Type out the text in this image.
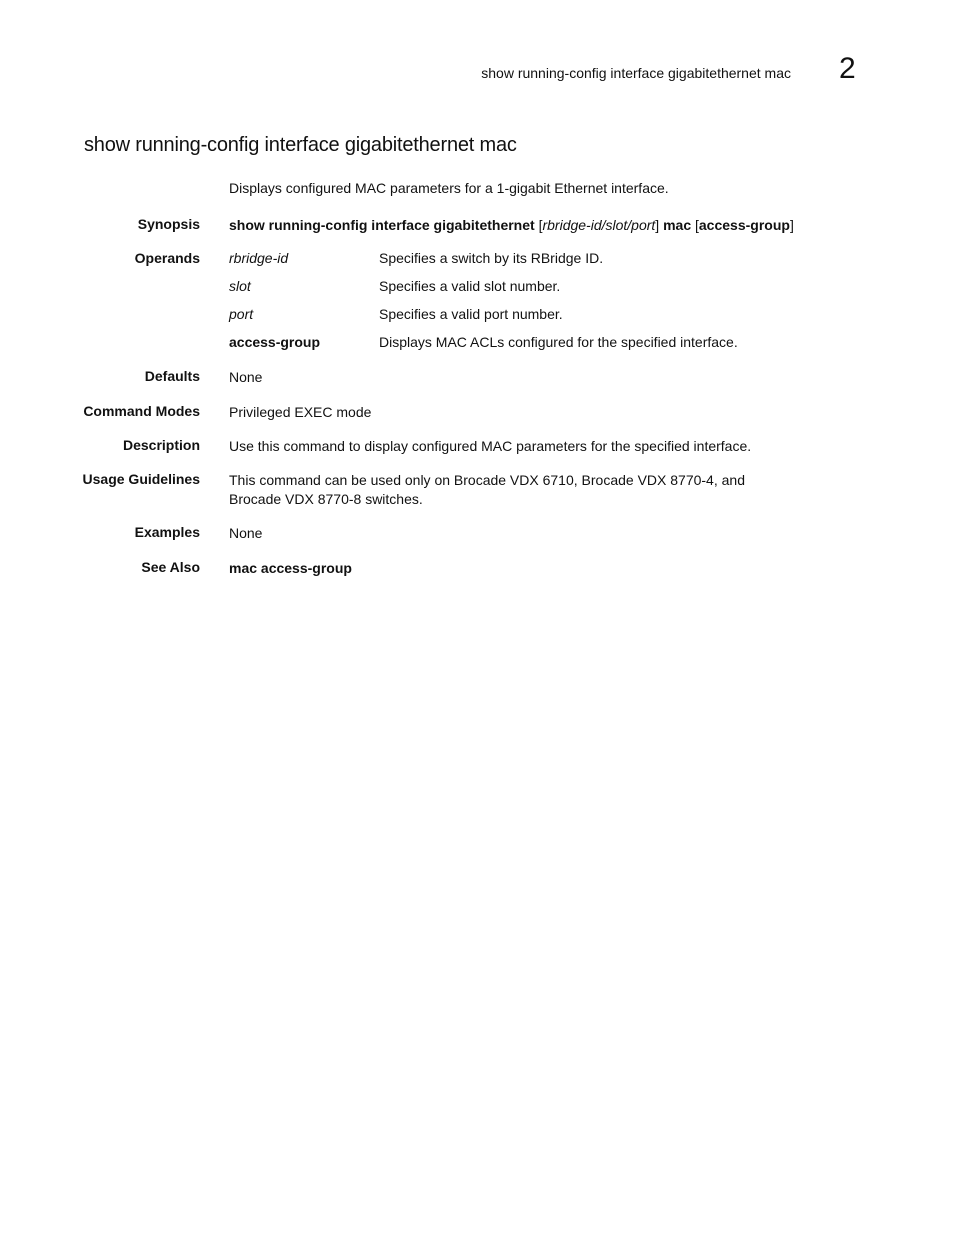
show running-config interface gigabitethernet mac 2
show running-config interface gigabitethernet mac
Displays configured MAC parameters for a 1-gigabit Ethernet interface.
Synopsis show running-config interface gigabitethernet [rbridge-id/slot/port] mac [access-group]
Operands rbridge-id	Specifies a switch by its RBridge ID.
slot	Specifies a valid slot number.
port	Specifies a valid port number.
access-group	Displays MAC ACLs configured for the specified interface.
Defaults None
Command Modes Privileged EXEC mode
Description Use this command to display configured MAC parameters for the specified interface.
Usage Guidelines This command can be used only on Brocade VDX 6710, Brocade VDX 8770-4, and
Brocade VDX 8770-8 switches.
Examples None
See Also mac access-group
